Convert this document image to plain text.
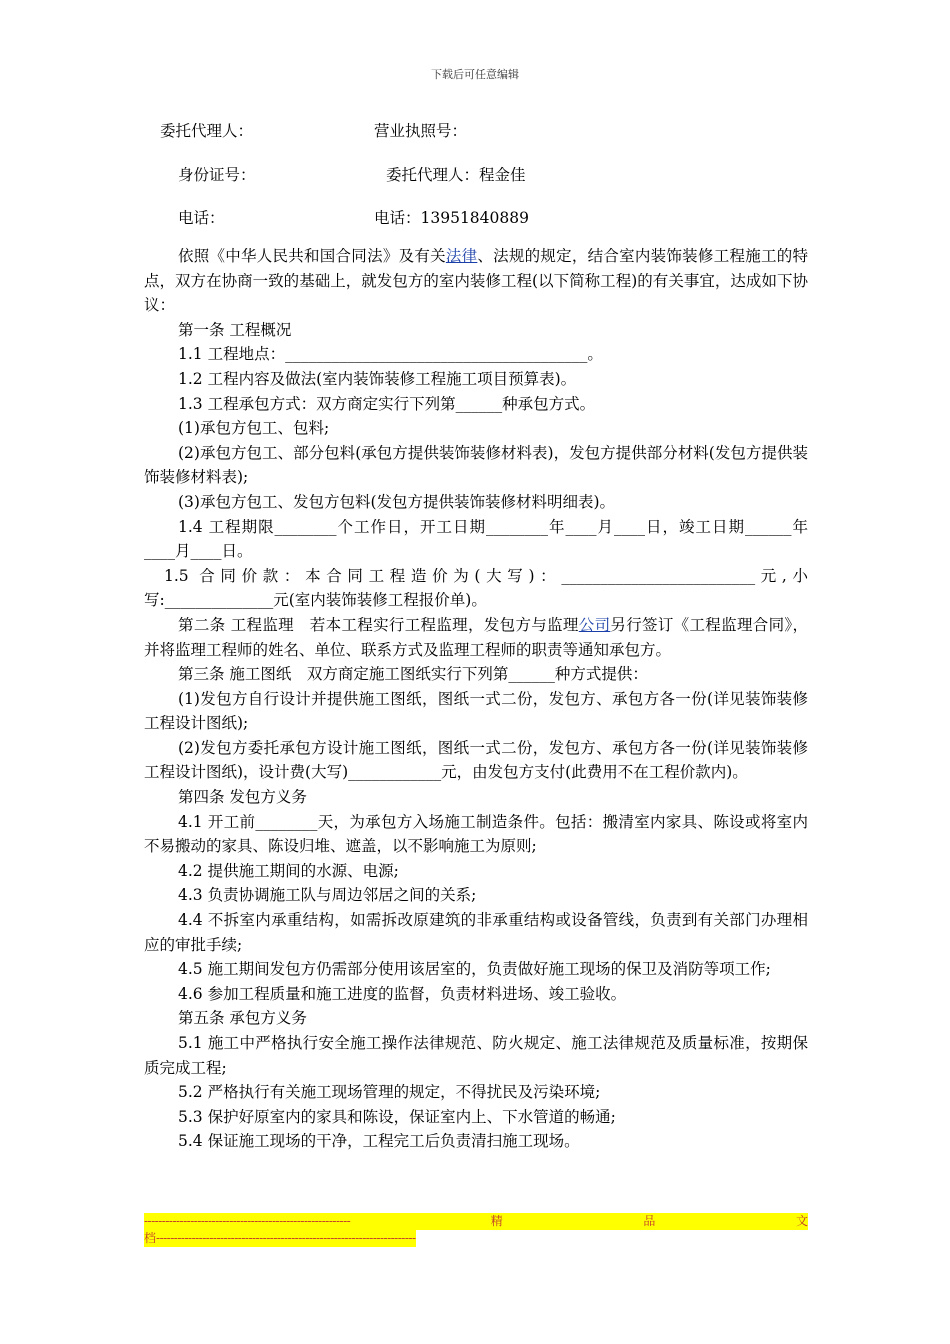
下载后可任意编辑
委托代理人：	营业执照号：
身份证号：	委托代理人：程金佳
电话：	电话：13951840889

依照《中华人民共和国合同法》及有关法律、法规的规定，结合室内装饰装修工程施工的特点，双方在协商一致的基础上，就发包方的室内装修工程(以下简称工程)的有关事宜，达成如下协议：

第一条 工程概况

1.1 工程地点：_______________________________________。

1.2 工程内容及做法(室内装饰装修工程施工项目预算表)。

1.3 工程承包方式：双方商定实行下列第______种承包方式。

(1)承包方包工、包料;

(2)承包方包工、部分包料(承包方提供装饰装修材料表)，发包方提供部分材料(发包方提供装饰装修材料表);

(3)承包方包工、发包方包料(发包方提供装饰装修材料明细表)。

1.4 工程期限________个工作日，开工日期________年____月____日，竣工日期______年____月____日。

1.5 合同价款：本合同工程造价为(大写)：_________________________元,小写:______________元(室内装饰装修工程报价单)。

第二条 工程监理　若本工程实行工程监理，发包方与监理公司另行签订《工程监理合同》，并将监理工程师的姓名、单位、联系方式及监理工程师的职责等通知承包方。

第三条 施工图纸　双方商定施工图纸实行下列第______种方式提供：

(1)发包方自行设计并提供施工图纸，图纸一式二份，发包方、承包方各一份(详见装饰装修工程设计图纸);

(2)发包方委托承包方设计施工图纸，图纸一式二份，发包方、承包方各一份(详见装饰装修工程设计图纸)，设计费(大写)____________元，由发包方支付(此费用不在工程价款内)。

第四条 发包方义务

4.1 开工前________天，为承包方入场施工制造条件。包括：搬清室内家具、陈设或将室内不易搬动的家具、陈设归堆、遮盖，以不影响施工为原则;

4.2 提供施工期间的水源、电源;

4.3 负责协调施工队与周边邻居之间的关系;

4.4 不拆室内承重结构，如需拆改原建筑的非承重结构或设备管线，负责到有关部门办理相应的审批手续;

4.5 施工期间发包方仍需部分使用该居室的，负责做好施工现场的保卫及消防等项工作;

4.6 参加工程质量和施工进度的监督，负责材料进场、竣工验收。

第五条 承包方义务

5.1 施工中严格执行安全施工操作法律规范、防火规定、施工法律规范及质量标准，按期保质完成工程;

5.2 严格执行有关施工现场管理的规定，不得扰民及污染环境;

5.3 保护好原室内的家具和陈设，保证室内上、下水管道的畅通;

5.4 保证施工现场的干净，工程完工后负责清扫施工现场。

----------------------------------------------------------	精	品	文
档-------------------------------------------------------------------------
